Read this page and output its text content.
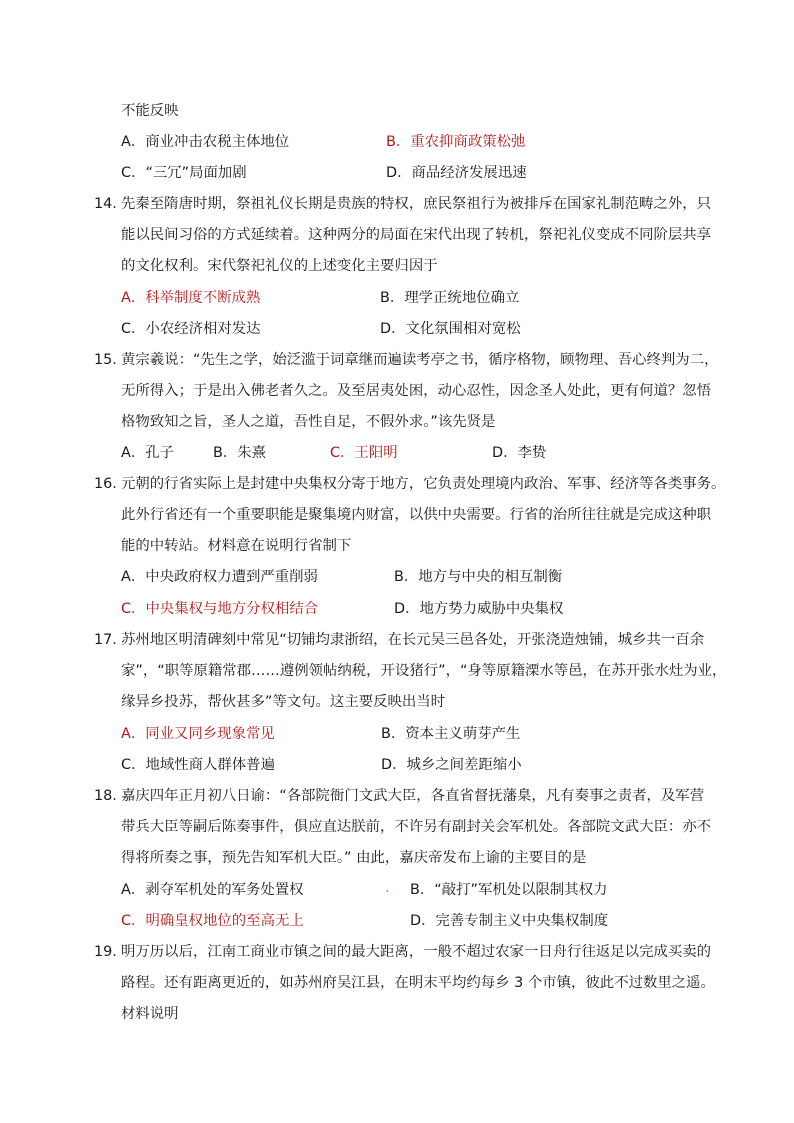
不能反映
A．商业冲击农税主体地位	B．重农抑商政策松弛
C．“三冗”局面加剧	D．商品经济发展迅速
14. 先秦至隋唐时期，祭祖礼仪长期是贵族的特权，庶民祭祖行为被排斥在国家礼制范畴之外，只
能以民间习俗的方式延续着。这种两分的局面在宋代出现了转机，祭祀礼仪变成不同阶层共享
的文化权利。宋代祭祀礼仪的上述变化主要归因于
A．科举制度不断成熟	B．理学正统地位确立
C．小农经济相对发达	D．文化氛围相对宽松
15. 黄宗羲说：“先生之学，始泛滥于词章继而遍读考亭之书，循序格物，顾物理、吾心终判为二，
无所得入；于是出入佛老者久之。及至居夷处困，动心忍性，因念圣人处此，更有何道？忽悟
格物致知之旨，圣人之道，吾性自足，不假外求。”该先贤是
A．孔子	B．朱熹	C．王阳明	D．李贽
16. 元朝的行省实际上是封建中央集权分寄于地方，它负责处理境内政治、军事、经济等各类事务。
此外行省还有一个重要职能是聚集境内财富，以供中央需要。行省的治所往往就是完成这种职
能的中转站。材料意在说明行省制下
A．中央政府权力遭到严重削弱	B．地方与中央的相互制衡
C．中央集权与地方分权相结合	D．地方势力威胁中央集权
17. 苏州地区明清碑刻中常见“切铺均隶浙绍，在长元吴三邑各处，开张浇造烛铺，城乡共一百余
家”，“职等原籍常郡……遵例领帖纳税，开设猪行”，“身等原籍溧水等邑，在苏开张水灶为业，
缘异乡投苏，帮伙甚多”等文句。这主要反映出当时
A．同业又同乡现象常见	B．资本主义萌芽产生
C．地域性商人群体普遍	D．城乡之间差距缩小
18. 嘉庆四年正月初八日谕：“各部院衙门文武大臣，各直省督抚藩臬，凡有奏事之责者，及军营
带兵大臣等嗣后陈奏事件，俱应直达朕前，不许另有副封关会军机处。各部院文武大臣：亦不
得将所奏之事，预先告知军机大臣。” 由此，嘉庆帝发布上谕的主要目的是
A．剥夺军机处的军务处置权	. B．“敲打”军机处以限制其权力
C．明确皇权地位的至高无上	D．完善专制主义中央集权制度
19. 明万历以后，江南工商业市镇之间的最大距离，一般不超过农家一日舟行往返足以完成买卖的
路程。还有距离更近的，如苏州府吴江县，在明末平均约每乡 3 个市镇，彼此不过数里之遥。
材料说明
